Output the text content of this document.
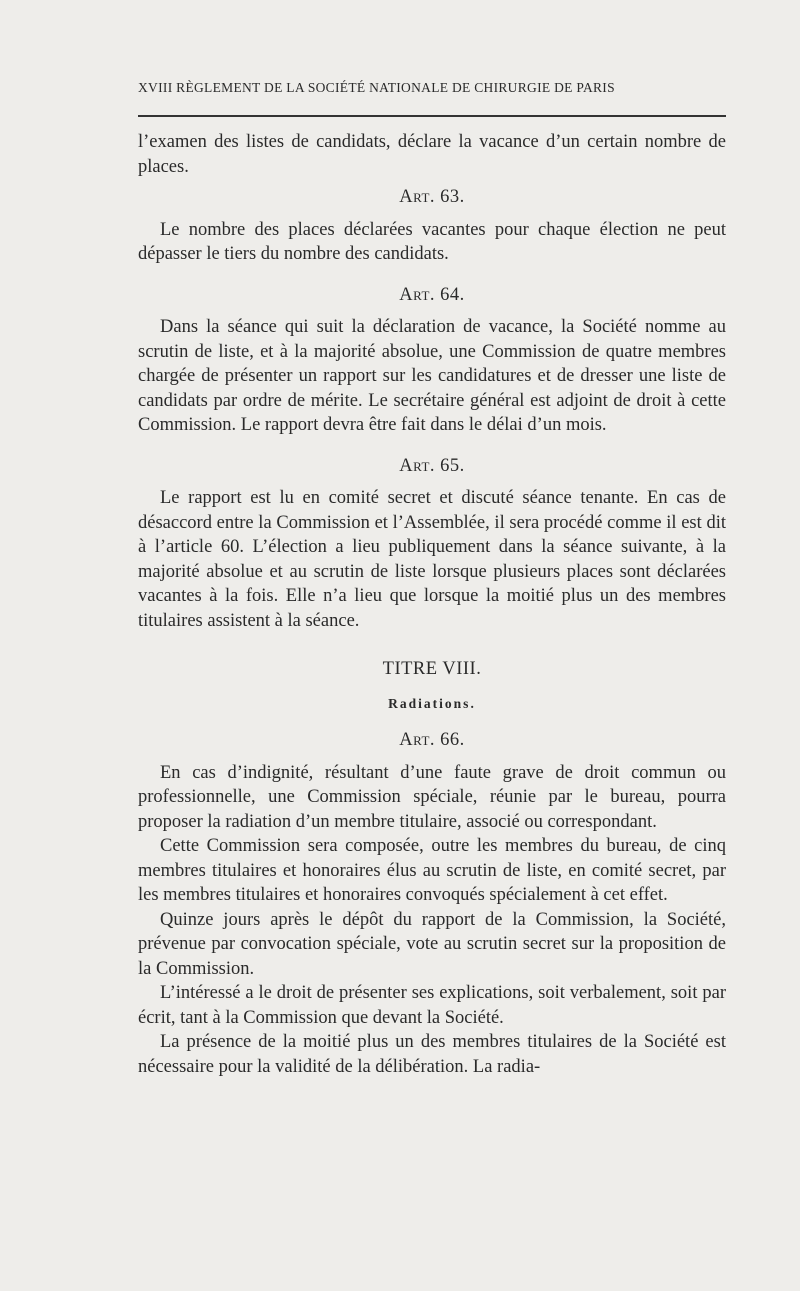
XVIII RÈGLEMENT DE LA SOCIÉTÉ NATIONALE DE CHIRURGIE DE PARIS

l’examen des listes de candidats, déclare la vacance d’un certain nombre de places.

Art. 63.

Le nombre des places déclarées vacantes pour chaque élection ne peut dépasser le tiers du nombre des candidats.

Art. 64.

Dans la séance qui suit la déclaration de vacance, la Société nomme au scrutin de liste, et à la majorité absolue, une Commission de quatre membres chargée de présenter un rapport sur les candidatures et de dresser une liste de candidats par ordre de mérite. Le secrétaire général est adjoint de droit à cette Commission. Le rapport devra être fait dans le délai d’un mois.

Art. 65.

Le rapport est lu en comité secret et discuté séance tenante. En cas de désaccord entre la Commission et l’Assemblée, il sera procédé comme il est dit à l’article 60. L’élection a lieu publiquement dans la séance suivante, à la majorité absolue et au scrutin de liste lorsque plusieurs places sont déclarées vacantes à la fois. Elle n’a lieu que lorsque la moitié plus un des membres titulaires assistent à la séance.

TITRE VIII.
Radiations.
Art. 66.

En cas d’indignité, résultant d’une faute grave de droit commun ou professionnelle, une Commission spéciale, réunie par le bureau, pourra proposer la radiation d’un membre titulaire, associé ou correspondant.

Cette Commission sera composée, outre les membres du bureau, de cinq membres titulaires et honoraires élus au scrutin de liste, en comité secret, par les membres titulaires et honoraires convoqués spécialement à cet effet.

Quinze jours après le dépôt du rapport de la Commission, la Société, prévenue par convocation spéciale, vote au scrutin secret sur la proposition de la Commission.

L’intéressé a le droit de présenter ses explications, soit verbalement, soit par écrit, tant à la Commission que devant la Société.

La présence de la moitié plus un des membres titulaires de la Société est nécessaire pour la validité de la délibération. La radia-
